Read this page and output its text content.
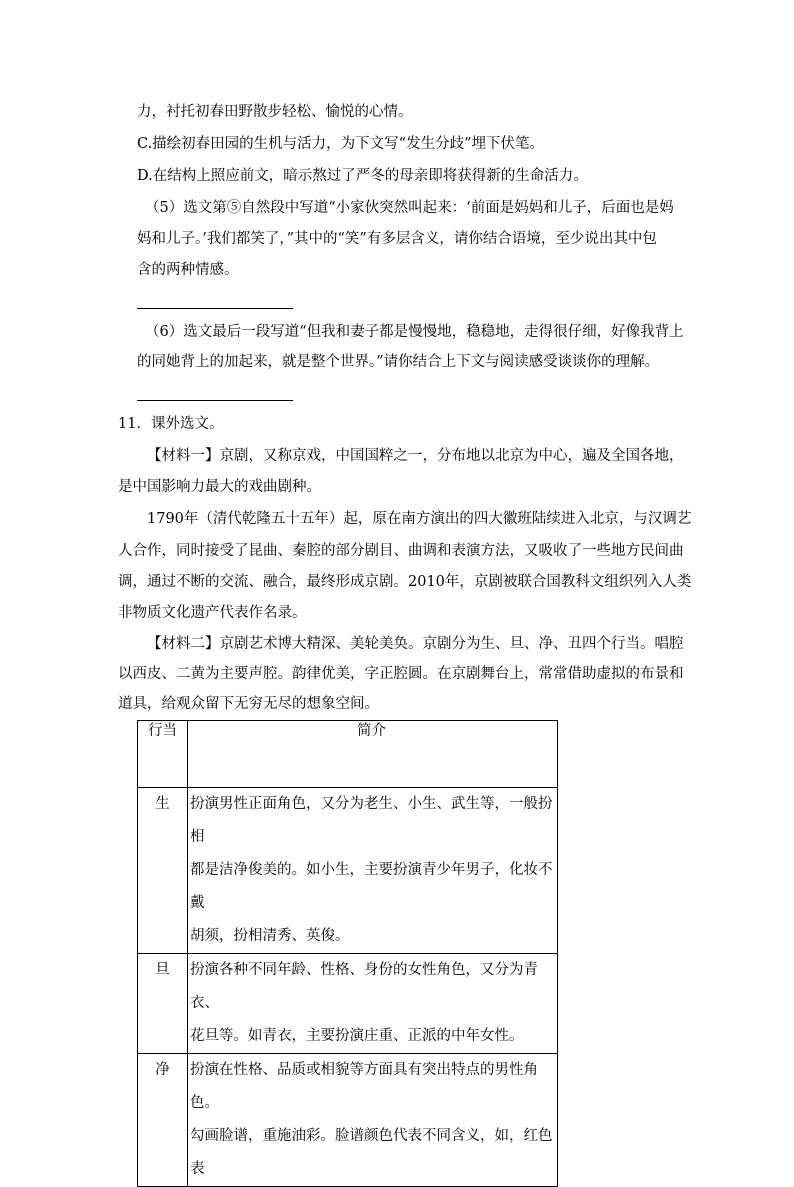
力，衬托初春田野散步轻松、愉悦的心情。
C.描绘初春田园的生机与活力，为下文写“发生分歧”埋下伏笔。
D.在结构上照应前文，暗示熬过了严冬的母亲即将获得新的生命活力。
（5）选文第⑤自然段中写道“小家伙突然叫起来：‘前面是妈妈和儿子，后面也是妈
妈和儿子。’我们都笑了，”其中的“笑”有多层含义，请你结合语境，至少说出其中包
含的两种情感。
（6）选文最后一段写道“但我和妻子都是慢慢地，稳稳地，走得很仔细，好像我背上
的同她背上的加起来，就是整个世界。”请你结合上下文与阅读感受谈谈你的理解。
11．课外选文。
【材料一】京剧，又称京戏，中国国粹之一，分布地以北京为中心，遍及全国各地，
是中国影响力最大的戏曲剧种。
1790年（清代乾隆五十五年）起，原在南方演出的四大徽班陆续进入北京，与汉调艺
人合作，同时接受了昆曲、秦腔的部分剧目、曲调和表演方法，又吸收了一些地方民间曲
调，通过不断的交流、融合，最终形成京剧。2010年，京剧被联合国教科文组织列入人类
非物质文化遗产代表作名录。
【材料二】京剧艺术博大精深、美轮美奂。京剧分为生、旦、净、丑四个行当。唱腔
以西皮、二黄为主要声腔。韵律优美，字正腔圆。在京剧舞台上，常常借助虚拟的布景和
道具，给观众留下无穷无尽的想象空间。
行当	简介
生	扮演男性正面角色，又分为老生、小生、武生等，一般扮相
都是洁净俊美的。如小生，主要扮演青少年男子，化妆不戴
胡须，扮相清秀、英俊。

旦	扮演各种不同年龄、性格、身份的女性角色，又分为青衣、
花旦等。如青衣，主要扮演庄重、正派的中年女性。

净	扮演在性格、品质或相貌等方面具有突出特点的男性角色。
勾画脸谱，重施油彩。脸谱颜色代表不同含义，如，红色表
